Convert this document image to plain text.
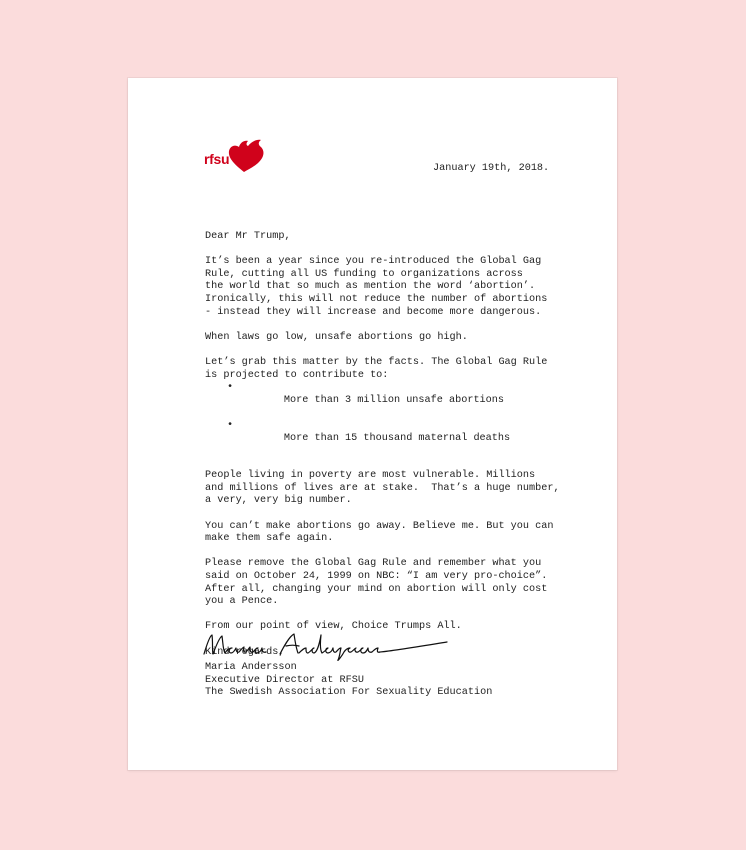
rfsu
January 19th, 2018.

Dear Mr Trump,

It’s been a year since you re-introduced the Global Gag
Rule, cutting all US funding to organizations across
the world that so much as mention the word ‘abortion’.
Ironically, this will not reduce the number of abortions
- instead they will increase and become more dangerous.

When laws go low, unsafe abortions go high.

Let’s grab this matter by the facts. The Global Gag Rule
is projected to contribute to:

•
More than 3 million unsafe abortions

•
More than 15 thousand maternal deaths

People living in poverty are most vulnerable. Millions
and millions of lives are at stake.  That’s a huge number,
a very, very big number.

You can’t make abortions go away. Believe me. But you can
make them safe again.

Please remove the Global Gag Rule and remember what you
said on October 24, 1999 on NBC: “I am very pro-choice”.
After all, changing your mind on abortion will only cost
you a Pence.

From our point of view, Choice Trumps All.

Kind regards,

Maria Andersson
Executive Director at RFSU
The Swedish Association For Sexuality Education
